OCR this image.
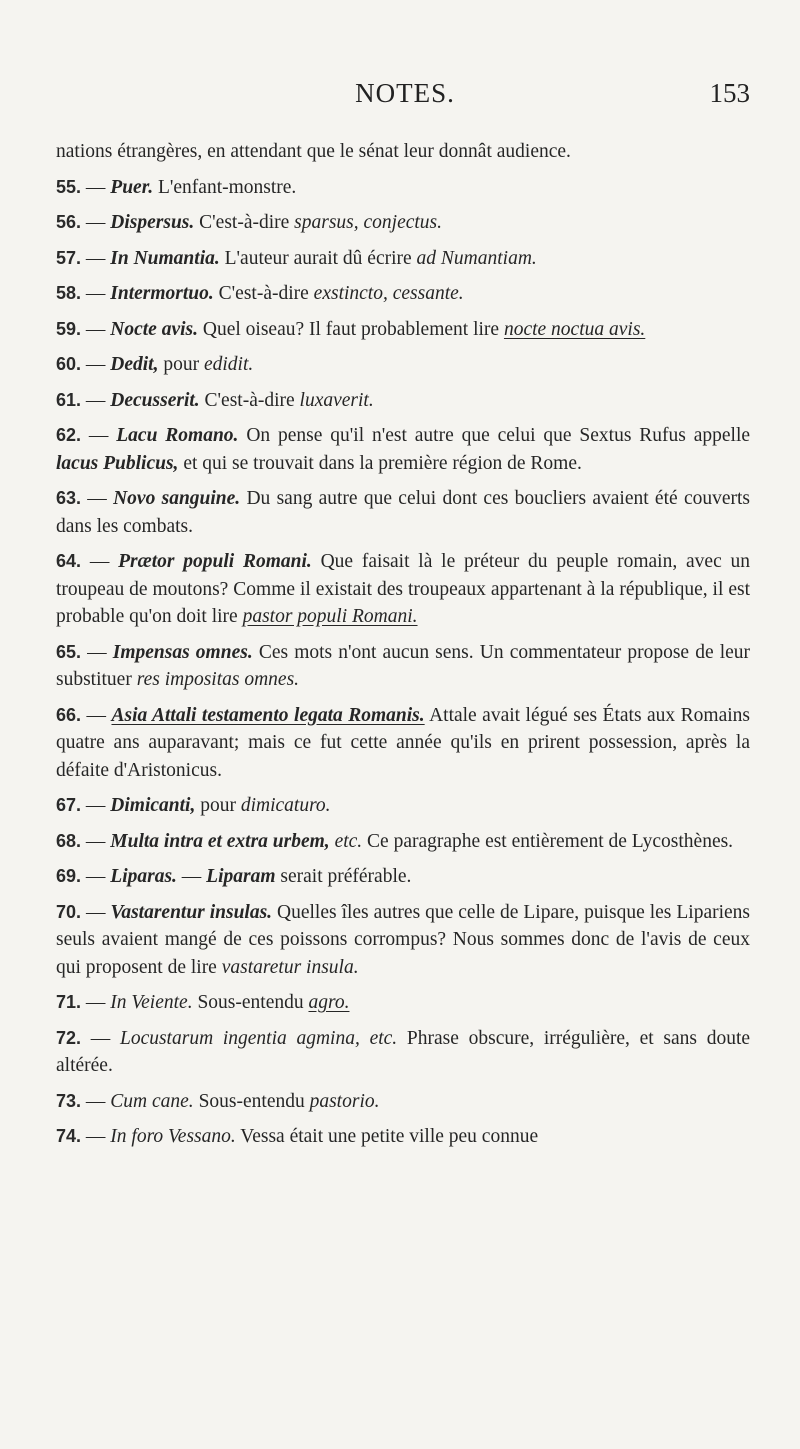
NOTES.	153

nations étrangères, en attendant que le sénat leur donnât audience.

55. — Puer. L'enfant-monstre.

56. — Dispersus. C'est-à-dire sparsus, conjectus.

57. — In Numantia. L'auteur aurait dû écrire ad Numantiam.

58. — Intermortuo. C'est-à-dire exstincto, cessante.

59. — Nocte avis. Quel oiseau? Il faut probablement lire nocte noctua avis.

60. — Dedit, pour edidit.

61. — Decusserit. C'est-à-dire luxaverit.

62. — Lacu Romano. On pense qu'il n'est autre que celui que Sextus Rufus appelle lacus Publicus, et qui se trouvait dans la première région de Rome.

63. — Novo sanguine. Du sang autre que celui dont ces boucliers avaient été couverts dans les combats.

64. — Prætor populi Romani. Que faisait là le préteur du peuple romain, avec un troupeau de moutons? Comme il existait des troupeaux appartenant à la république, il est probable qu'on doit lire pastor populi Romani.

65. — Impensas omnes. Ces mots n'ont aucun sens. Un commentateur propose de leur substituer res impositas omnes.

66. — Asia Attali testamento legata Romanis. Attale avait légué ses États aux Romains quatre ans auparavant; mais ce fut cette année qu'ils en prirent possession, après la défaite d'Aristonicus.

67. — Dimicanti, pour dimicaturo.

68. — Multa intra et extra urbem, etc. Ce paragraphe est entièrement de Lycosthènes.

69. — Liparas. — Liparam serait préférable.

70. — Vastarentur insulas. Quelles îles autres que celle de Lipare, puisque les Lipariens seuls avaient mangé de ces poissons corrompus? Nous sommes donc de l'avis de ceux qui proposent de lire vastaretur insula.

71. — In Veiente. Sous-entendu agro.

72. — Locustarum ingentia agmina, etc. Phrase obscure, irrégulière, et sans doute altérée.

73. — Cum cane. Sous-entendu pastorio.

74. — In foro Vessano. Vessa était une petite ville peu connue
